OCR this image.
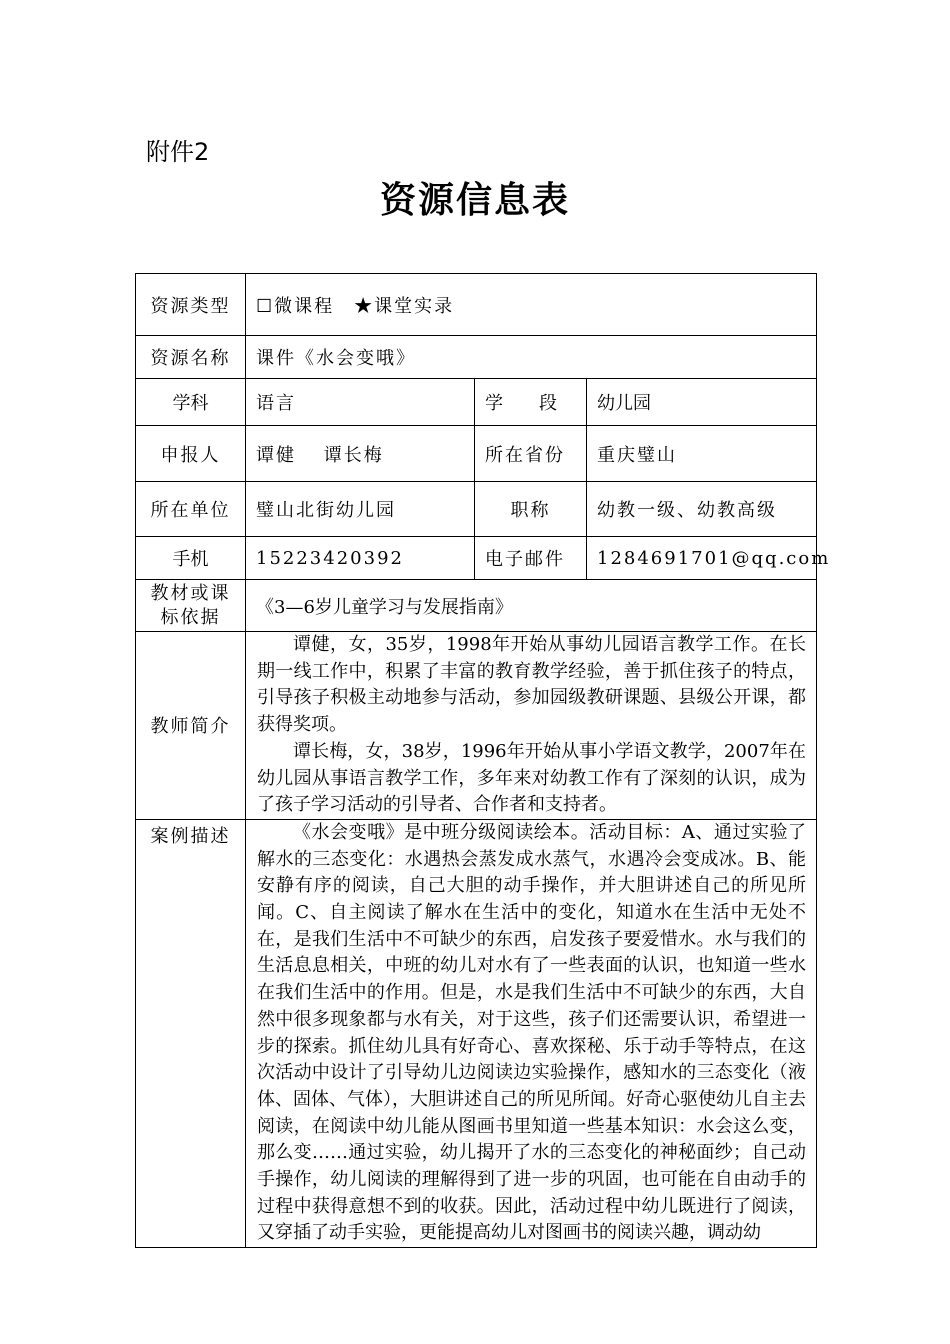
附件2
资源信息表
资源类型	☐微课程　★课堂实录		
资源名称	课件《水会变哦》		
学科	语言	学　　段	幼儿园
申报人	谭健　 谭长梅	所在省份	重庆璧山
所在单位	璧山北街幼儿园	职称	幼教一级、幼教高级
手机	15223420392	电子邮件	1284691701@qq.com

教材或课
标依据	《3—6岁儿童学习与发展指南》		
教师简介	谭健，女，35岁，1998年开始从事幼儿园语言教学工作。在长期一线工作中，积累了丰富的教育教学经验，善于抓住孩子的特点，引导孩子积极主动地参与活动，参加园级教研课题、县级公开课，都获得奖项。

谭长梅，女，38岁，1996年开始从事小学语文教学，2007年在幼儿园从事语言教学工作，多年来对幼教工作有了深刻的认识，成为了孩子学习活动的引导者、合作者和支持者。		

案例描述	《水会变哦》是中班分级阅读绘本。活动目标：A、通过实验了解水的三态变化：水遇热会蒸发成水蒸气，水遇冷会变成冰。B、能安静有序的阅读，自己大胆的动手操作，并大胆讲述自己的所见所闻。C、自主阅读了解水在生活中的变化，知道水在生活中无处不在，是我们生活中不可缺少的东西，启发孩子要爱惜水。水与我们的生活息息相关，中班的幼儿对水有了一些表面的认识，也知道一些水在我们生活中的作用。但是，水是我们生活中不可缺少的东西，大自然中很多现象都与水有关，对于这些，孩子们还需要认识，希望进一步的探索。抓住幼儿具有好奇心、喜欢探秘、乐于动手等特点，在这次活动中设计了引导幼儿边阅读边实验操作，感知水的三态变化（液体、固体、气体），大胆讲述自己的所见所闻。好奇心驱使幼儿自主去阅读，在阅读中幼儿能从图画书里知道一些基本知识：水会这么变，那么变……通过实验，幼儿揭开了水的三态变化的神秘面纱；自己动手操作，幼儿阅读的理解得到了进一步的巩固，也可能在自由动手的过程中获得意想不到的收获。因此，活动过程中幼儿既进行了阅读，又穿插了动手实验，更能提高幼儿对图画书的阅读兴趣，调动幼		
